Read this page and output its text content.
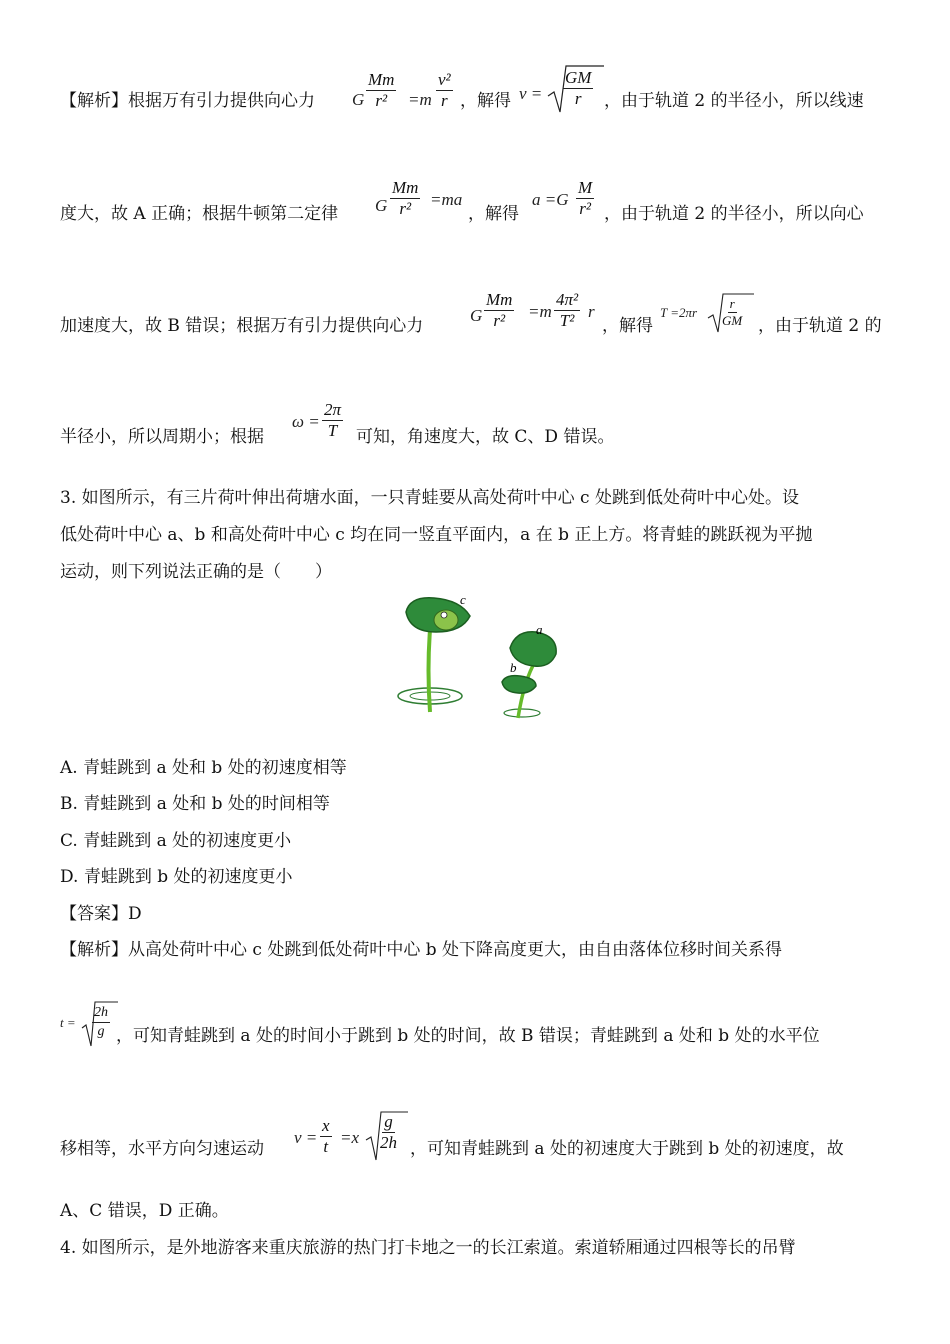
【解析】根据万有引力提供向心力	G $\frac{Mm}{\text{r²}} =m \frac{\text{v²}}{r}$ ，解得 $v = \frac{GM}{r}$ ，由于轨道 2 的半径小，所以线速
度大，故 A 正确；根据牛顿第二定律	G $\frac{Mm}{\text{r²}} =ma$
，解得
$a =G \frac{M}{\text{r²}}$ ，由于轨道 2 的半径小，所以向心
加速度大，故 B 错误；根据万有引力提供向心力
G $\frac{Mm}{\text{r²}} =m \frac{\text{4π²}}{\text{T²}}$ r
，解得
$T =2\pi r \frac{r}{GM}$ ，由于轨道 2 的
半径小，所以周期小；根据
$\omega = \frac{2\pi}{T}$ 可知，角速度大，故 C、D 错误。
3. 如图所示，有三片荷叶伸出荷塘水面，一只青蛙要从高处荷叶中心 c 处跳到低处荷叶中心处。设
低处荷叶中心 a、b 和高处荷叶中心 c 均在同一竖直平面内，a 在 b 正上方。将青蛙的跳跃视为平抛
运动，则下列说法正确的是（　　）
c
a
b
A. 青蛙跳到 a 处和 b 处的初速度相等
B. 青蛙跳到 a 处和 b 处的时间相等
C. 青蛙跳到 a 处的初速度更小
D. 青蛙跳到 b 处的初速度更小
【答案】D
【解析】从高处荷叶中心 c 处跳到低处荷叶中心 b 处下降高度更大，由自由落体位移时间关系得
$t = \frac{2h}{g}$ ，可知青蛙跳到 a 处的时间小于跳到 b 处的时间，故 B 错误；青蛙跳到 a 处和 b 处的水平位
移相等，水平方向匀速运动
$v = \frac{x}{t} =x \frac{g}{2h}$ ，可知青蛙跳到 a 处的初速度大于跳到 b 处的初速度，故
A、C 错误，D 正确。
4. 如图所示，是外地游客来重庆旅游的热门打卡地之一的长江索道。索道轿厢通过四根等长的吊臂
